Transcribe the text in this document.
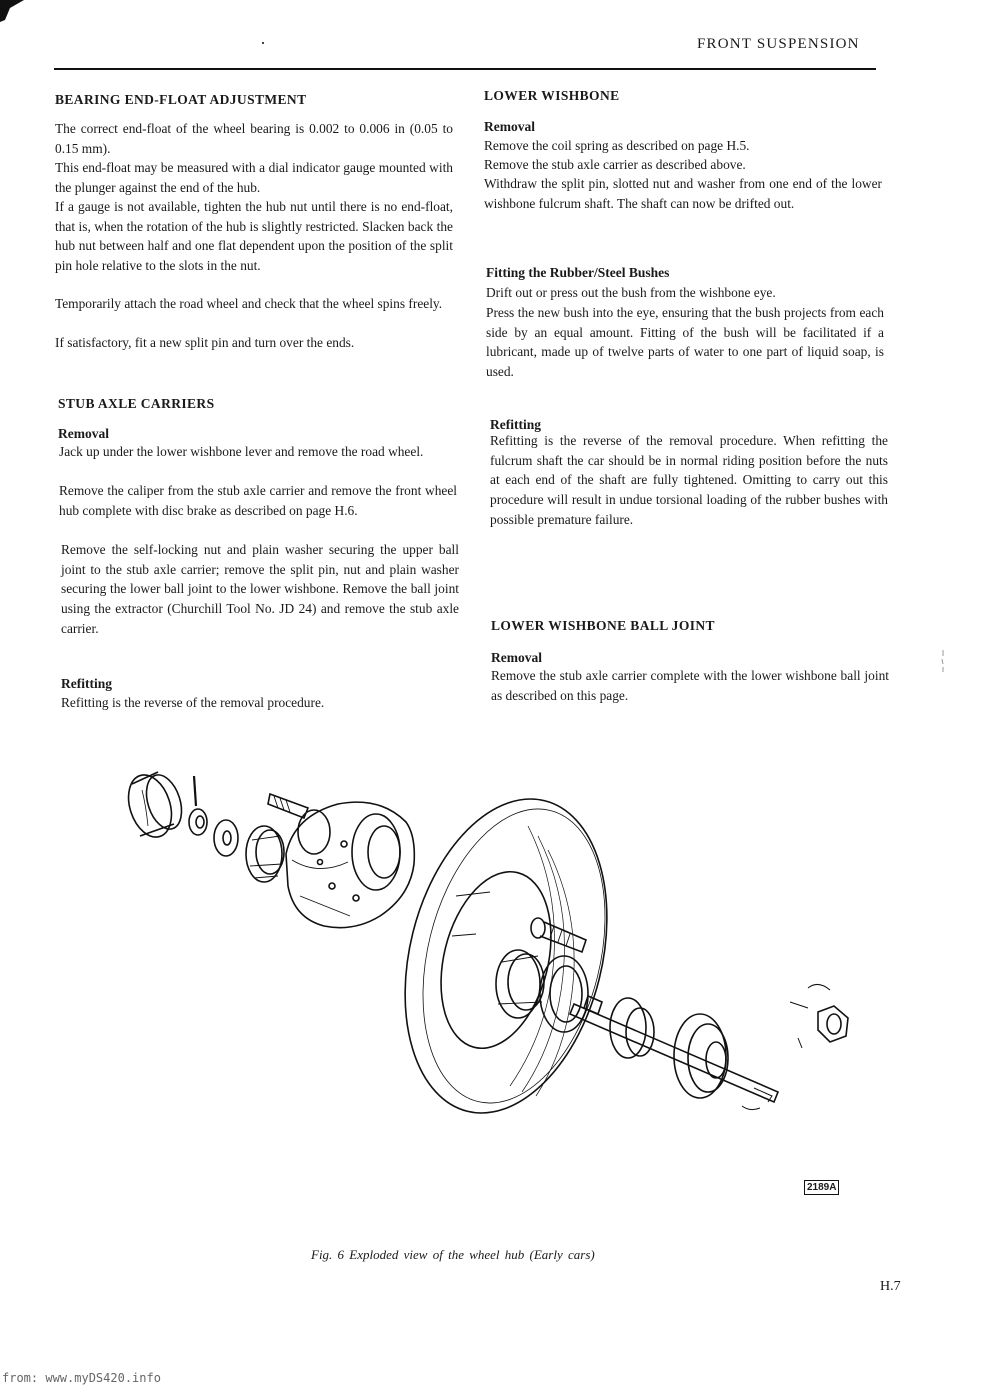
FRONT SUSPENSION
BEARING END-FLOAT ADJUSTMENT

The correct end-float of the wheel bearing is 0.002 to 0.006 in (0.05 to 0.15 mm).

This end-float may be measured with a dial indicator gauge mounted with the plunger against the end of the hub.

If a gauge is not available, tighten the hub nut until there is no end-float, that is, when the rotation of the hub is slightly restricted. Slacken back the hub nut between half and one flat dependent upon the position of the split pin hole relative to the slots in the nut.

Temporarily attach the road wheel and check that the wheel spins freely.

If satisfactory, fit a new split pin and turn over the ends.

STUB AXLE CARRIERS
Removal

Jack up under the lower wishbone lever and remove the road wheel.

Remove the caliper from the stub axle carrier and remove the front wheel hub complete with disc brake as described on page H.6.

Remove the self-locking nut and plain washer securing the upper ball joint to the stub axle carrier; remove the split pin, nut and plain washer securing the lower ball joint to the lower wishbone. Remove the ball joint using the extractor (Churchill Tool No. JD 24) and remove the stub axle carrier.

Refitting

Refitting is the reverse of the removal procedure.

LOWER WISHBONE
Removal

Remove the coil spring as described on page H.5.

Remove the stub axle carrier as described above.

Withdraw the split pin, slotted nut and washer from one end of the lower wishbone fulcrum shaft. The shaft can now be drifted out.

Fitting the Rubber/Steel Bushes

Drift out or press out the bush from the wishbone eye.

Press the new bush into the eye, ensuring that the bush projects from each side by an equal amount. Fitting of the bush will be facilitated if a lubricant, made up of twelve parts of water to one part of liquid soap, is used.

Refitting

Refitting is the reverse of the removal procedure. When refitting the fulcrum shaft the car should be in normal riding position before the nuts at each end of the shaft are fully tightened. Omitting to carry out this procedure will result in undue torsional loading of the rubber bushes with possible premature failure.

LOWER WISHBONE BALL JOINT
Removal

Remove the stub axle carrier complete with the lower wishbone ball joint as described on this page.

2189A
Fig. 6 Exploded view of the wheel hub (Early cars)
H.7
from: www.myDS420.info
